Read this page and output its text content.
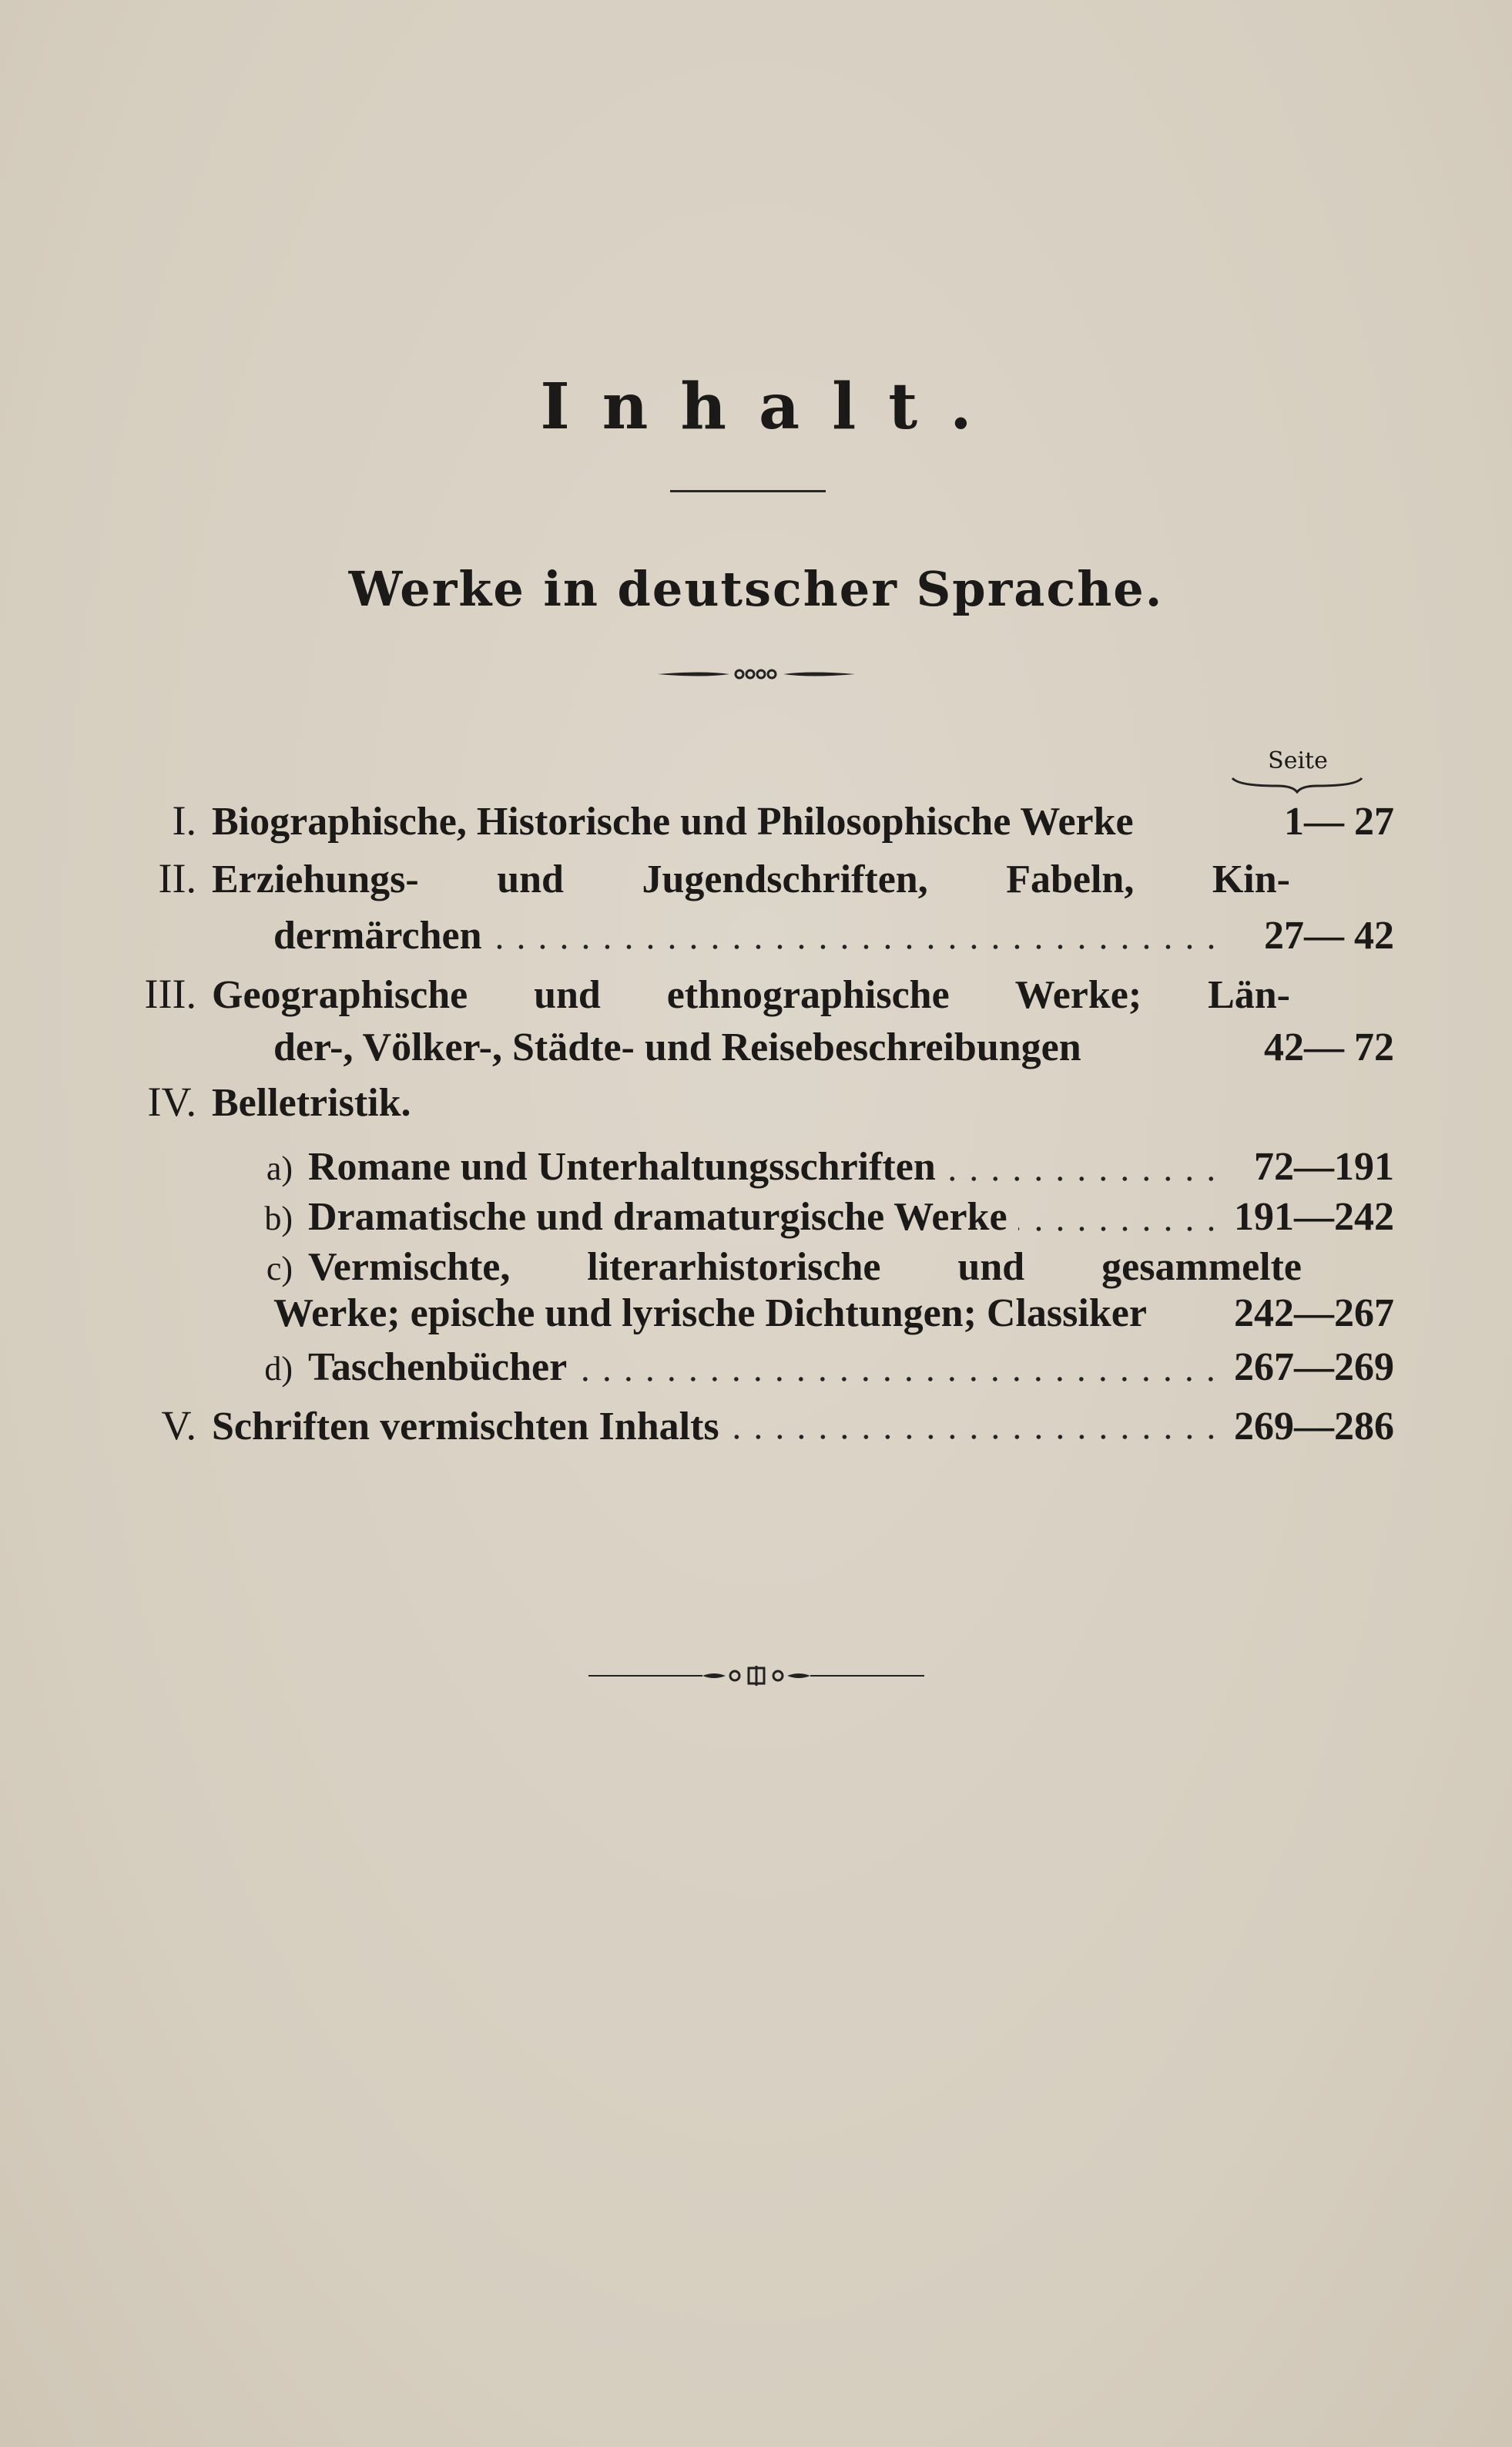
Inhalt.
Werke in deutscher Sprache.
Seite
I. Biographische, Historische und Philosophische Werke	1— 27
II. Erziehungs- und Jugendschriften, Fabeln, Kin-
dermärchen	27— 42
III. Geographische und ethnographische Werke; Län-
der-, Völker-, Städte- und Reisebeschreibungen	42— 72
IV. Belletristik.
a) Romane und Unterhaltungsschriften	72—191
b) Dramatische und dramaturgische Werke	191—242
c) Vermischte, literarhistorische und gesammelte
Werke; epische und lyrische Dichtungen; Classiker 242—267
d) Taschenbücher	267—269
V. Schriften vermischten Inhalts	269—286
